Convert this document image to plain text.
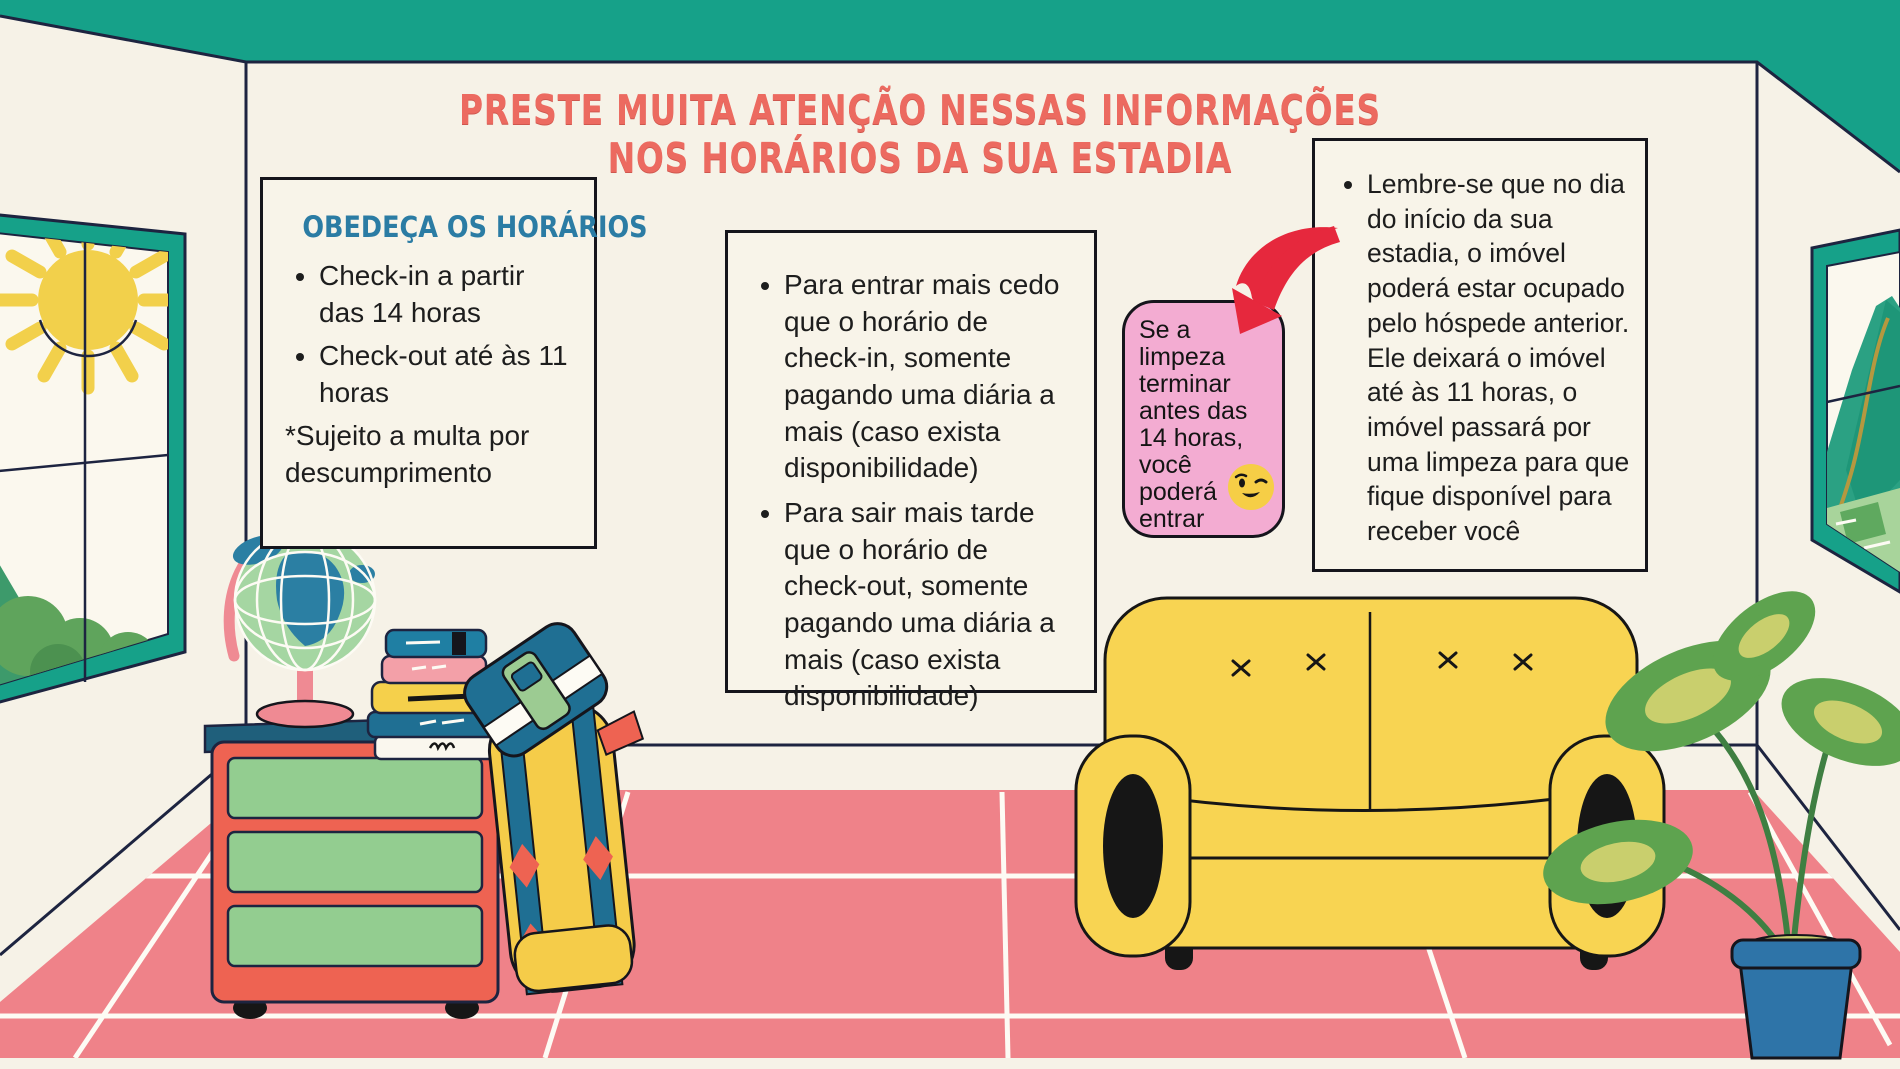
PRESTE MUITA ATENÇÃO NESSAS INFORMAÇÕES
NOS HORÁRIOS DA SUA ESTADIA
OBEDEÇA OS HORÁRIOS
• Check-in a partir das 14 horas
• Check-out até às 11 horas
*Sujeito a multa por descumprimento
• Para entrar mais cedo que o horário de check-in, somente pagando uma diária a mais (caso exista disponibilidade)
• Para sair mais tarde que o horário de check-out, somente pagando uma diária a mais (caso exista disponibilidade)
• Lembre-se que no dia do início da sua estadia, o imóvel poderá estar ocupado pelo hóspede anterior. Ele deixará o imóvel até às 11 horas, o imóvel passará por uma limpeza para que fique disponível para receber você
Se a limpeza terminar antes das 14 horas, você poderá entrar
